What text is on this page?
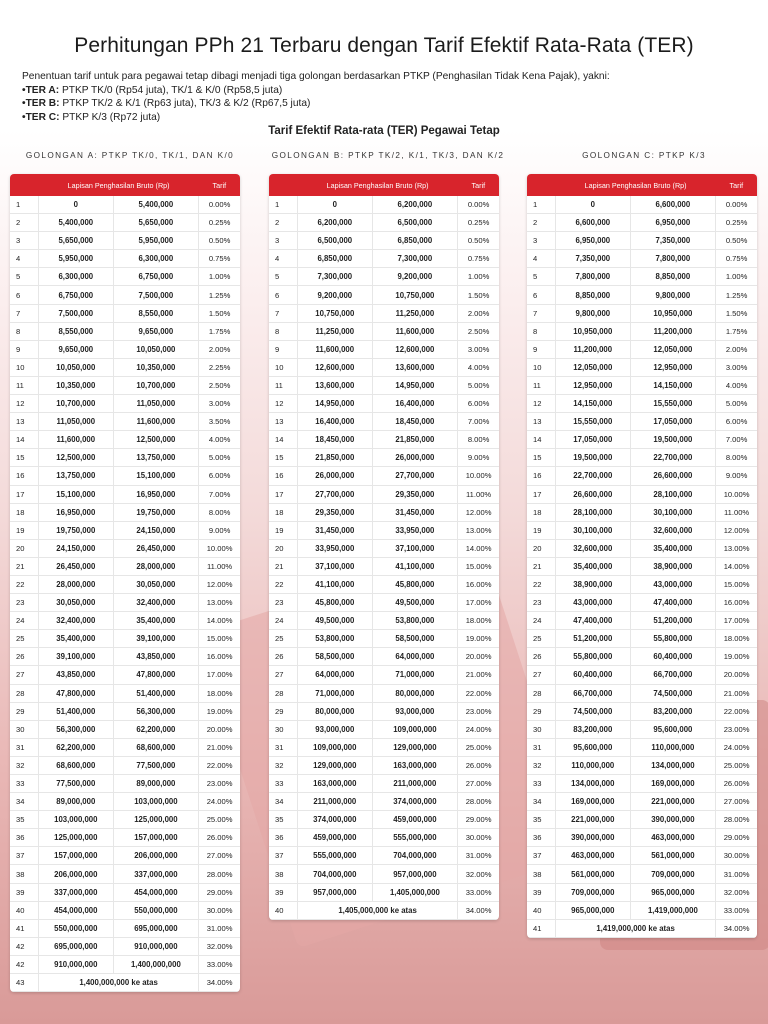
Perhitungan PPh 21 Terbaru dengan Tarif Efektif Rata-Rata (TER)
Penentuan tarif untuk para pegawai tetap dibagi menjadi tiga golongan berdasarkan PTKP (Penghasilan Tidak Kena Pajak), yakni:
•TER A: PTKP TK/0 (Rp54 juta), TK/1 & K/0 (Rp58,5 juta)
•TER B: PTKP TK/2 & K/1 (Rp63 juta), TK/3 & K/2 (Rp67,5 juta)
•TER C: PTKP K/3 (Rp72 juta)
Tarif Efektif Rata-rata (TER) Pegawai Tetap
GOLONGAN A: PTKP TK/0, TK/1, DAN K/0	GOLONGAN B: PTKP TK/2, K/1, TK/3, DAN K/2	GOLONGAN C: PTKP K/3
	Lapisan Penghasilan Bruto (Rp)		Tarif
1	0	5,400,000	0.00%
2	5,400,000	5,650,000	0.25%
3	5,650,000	5,950,000	0.50%
4	5,950,000	6,300,000	0.75%
5	6,300,000	6,750,000	1.00%
6	6,750,000	7,500,000	1.25%
7	7,500,000	8,550,000	1.50%
8	8,550,000	9,650,000	1.75%
9	9,650,000	10,050,000	2.00%
10	10,050,000	10,350,000	2.25%
11	10,350,000	10,700,000	2.50%
12	10,700,000	11,050,000	3.00%
13	11,050,000	11,600,000	3.50%
14	11,600,000	12,500,000	4.00%
15	12,500,000	13,750,000	5.00%
16	13,750,000	15,100,000	6.00%
17	15,100,000	16,950,000	7.00%
18	16,950,000	19,750,000	8.00%
19	19,750,000	24,150,000	9.00%
20	24,150,000	26,450,000	10.00%
21	26,450,000	28,000,000	11.00%
22	28,000,000	30,050,000	12.00%
23	30,050,000	32,400,000	13.00%
24	32,400,000	35,400,000	14.00%
25	35,400,000	39,100,000	15.00%
26	39,100,000	43,850,000	16.00%
27	43,850,000	47,800,000	17.00%
28	47,800,000	51,400,000	18.00%
29	51,400,000	56,300,000	19.00%
30	56,300,000	62,200,000	20.00%
31	62,200,000	68,600,000	21.00%
32	68,600,000	77,500,000	22.00%
33	77,500,000	89,000,000	23.00%
34	89,000,000	103,000,000	24.00%
35	103,000,000	125,000,000	25.00%
36	125,000,000	157,000,000	26.00%
37	157,000,000	206,000,000	27.00%
38	206,000,000	337,000,000	28.00%
39	337,000,000	454,000,000	29.00%
40	454,000,000	550,000,000	30.00%
41	550,000,000	695,000,000	31.00%
42	695,000,000	910,000,000	32.00%
42	910,000,000	1,400,000,000	33.00%
43	1,400,000,000 ke atas		34.00%
	Lapisan Penghasilan Bruto (Rp)		Tarif
1	0	6,200,000	0.00%
2	6,200,000	6,500,000	0.25%
3	6,500,000	6,850,000	0.50%
4	6,850,000	7,300,000	0.75%
5	7,300,000	9,200,000	1.00%
6	9,200,000	10,750,000	1.50%
7	10,750,000	11,250,000	2.00%
8	11,250,000	11,600,000	2.50%
9	11,600,000	12,600,000	3.00%
10	12,600,000	13,600,000	4.00%
11	13,600,000	14,950,000	5.00%
12	14,950,000	16,400,000	6.00%
13	16,400,000	18,450,000	7.00%
14	18,450,000	21,850,000	8.00%
15	21,850,000	26,000,000	9.00%
16	26,000,000	27,700,000	10.00%
17	27,700,000	29,350,000	11.00%
18	29,350,000	31,450,000	12.00%
19	31,450,000	33,950,000	13.00%
20	33,950,000	37,100,000	14.00%
21	37,100,000	41,100,000	15.00%
22	41,100,000	45,800,000	16.00%
23	45,800,000	49,500,000	17.00%
24	49,500,000	53,800,000	18.00%
25	53,800,000	58,500,000	19.00%
26	58,500,000	64,000,000	20.00%
27	64,000,000	71,000,000	21.00%
28	71,000,000	80,000,000	22.00%
29	80,000,000	93,000,000	23.00%
30	93,000,000	109,000,000	24.00%
31	109,000,000	129,000,000	25.00%
32	129,000,000	163,000,000	26.00%
33	163,000,000	211,000,000	27.00%
34	211,000,000	374,000,000	28.00%
35	374,000,000	459,000,000	29.00%
36	459,000,000	555,000,000	30.00%
37	555,000,000	704,000,000	31.00%
38	704,000,000	957,000,000	32.00%
39	957,000,000	1,405,000,000	33.00%
40	1,405,000,000 ke atas		34.00%
	Lapisan Penghasilan Bruto (Rp)		Tarif
1	0	6,600,000	0.00%
2	6,600,000	6,950,000	0.25%
3	6,950,000	7,350,000	0.50%
4	7,350,000	7,800,000	0.75%
5	7,800,000	8,850,000	1.00%
6	8,850,000	9,800,000	1.25%
7	9,800,000	10,950,000	1.50%
8	10,950,000	11,200,000	1.75%
9	11,200,000	12,050,000	2.00%
10	12,050,000	12,950,000	3.00%
11	12,950,000	14,150,000	4.00%
12	14,150,000	15,550,000	5.00%
13	15,550,000	17,050,000	6.00%
14	17,050,000	19,500,000	7.00%
15	19,500,000	22,700,000	8.00%
16	22,700,000	26,600,000	9.00%
17	26,600,000	28,100,000	10.00%
18	28,100,000	30,100,000	11.00%
19	30,100,000	32,600,000	12.00%
20	32,600,000	35,400,000	13.00%
21	35,400,000	38,900,000	14.00%
22	38,900,000	43,000,000	15.00%
23	43,000,000	47,400,000	16.00%
24	47,400,000	51,200,000	17.00%
25	51,200,000	55,800,000	18.00%
26	55,800,000	60,400,000	19.00%
27	60,400,000	66,700,000	20.00%
28	66,700,000	74,500,000	21.00%
29	74,500,000	83,200,000	22.00%
30	83,200,000	95,600,000	23.00%
31	95,600,000	110,000,000	24.00%
32	110,000,000	134,000,000	25.00%
33	134,000,000	169,000,000	26.00%
34	169,000,000	221,000,000	27.00%
35	221,000,000	390,000,000	28.00%
36	390,000,000	463,000,000	29.00%
37	463,000,000	561,000,000	30.00%
38	561,000,000	709,000,000	31.00%
39	709,000,000	965,000,000	32.00%
40	965,000,000	1,419,000,000	33.00%
41	1,419,000,000 ke atas		34.00%
